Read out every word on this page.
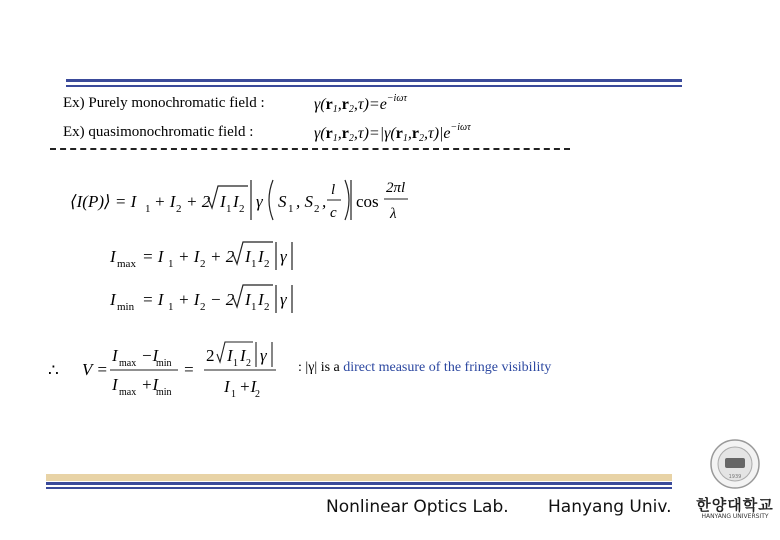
Ex) Purely monochromatic field :	$\gamma(r1,r2,\tau)=e^{-i\omega\tau}$
Ex) quasimonochromatic field :	$\gamma(r1,r2,\tau)=|\gamma(r1,r2,\tau)|e^{-i\omega\tau}$
⟨I(P)⟩ = I 1 + I 2 + 2 I 1 I 2 γ S 1 , S 2 ,
l
c
cos
2πl
λ
I max = I 1 + I 2 + 2 I 1 I 2 γ
I min = I 1 + I 2 − 2 I 1 I 2 γ
∴ V =
I max −I
min
I max +I
min
=
2 I 1 I 2 γ
I 1 +I
2
: |γ| is a direct measure of the fringe visibility
Nonlinear Optics Lab. Hanyang Univ.
1939
한양대학교
HANYANG UNIVERSITY
